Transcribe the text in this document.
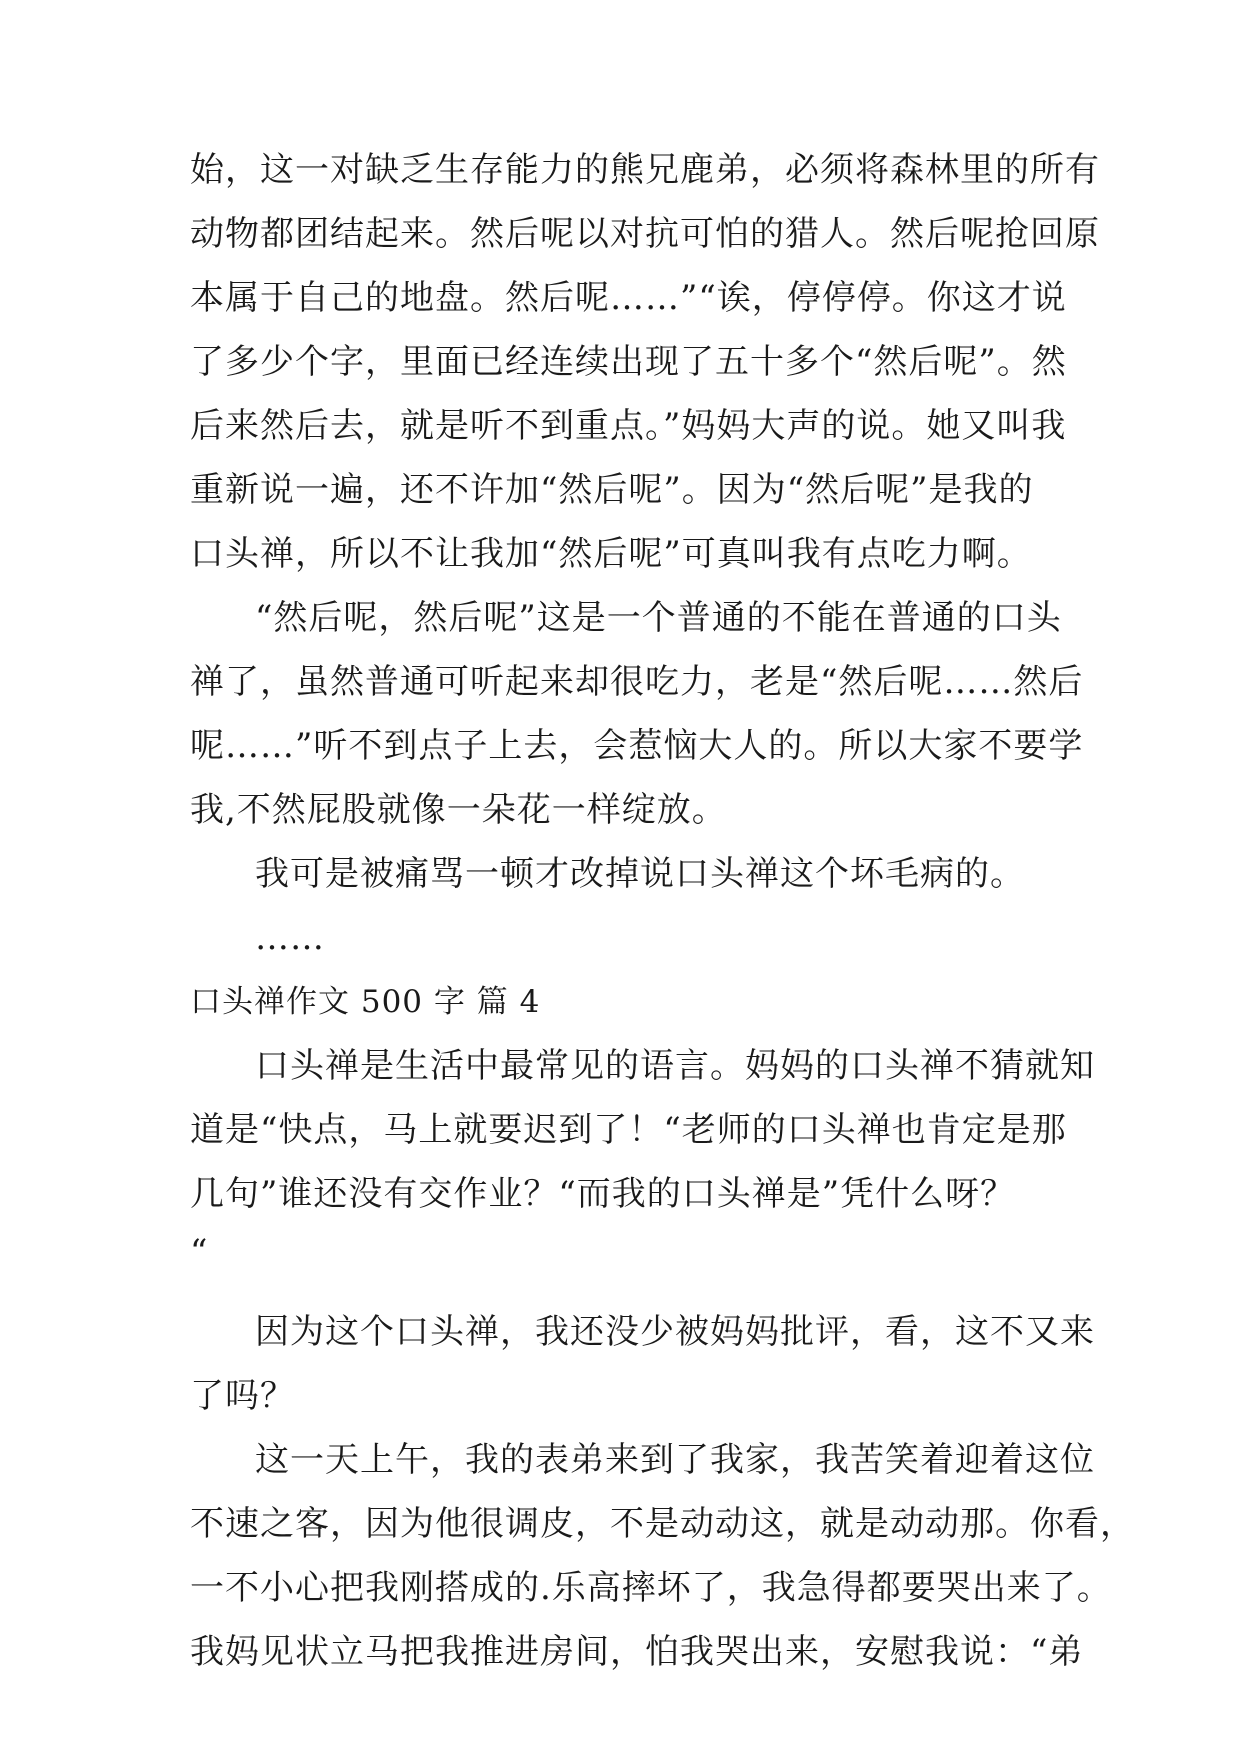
始，这一对缺乏生存能力的熊兄鹿弟，必须将森林里的所有

动物都团结起来。然后呢以对抗可怕的猎人。然后呢抢回原

本属于自己的地盘。然后呢……”“诶，停停停。你这才说

了多少个字，里面已经连续出现了五十多个“然后呢”。然

后来然后去，就是听不到重点。”妈妈大声的说。她又叫我

重新说一遍，还不许加“然后呢”。因为“然后呢”是我的

口头禅，所以不让我加“然后呢”可真叫我有点吃力啊。

“然后呢，然后呢”这是一个普通的不能在普通的口头

禅了，虽然普通可听起来却很吃力，老是“然后呢……然后

呢……”听不到点子上去，会惹恼大人的。所以大家不要学

我,不然屁股就像一朵花一样绽放。

我可是被痛骂一顿才改掉说口头禅这个坏毛病的。

……

口头禅作文 500 字 篇 4

口头禅是生活中最常见的语言。妈妈的口头禅不猜就知

道是“快点，马上就要迟到了！“老师的口头禅也肯定是那

几句”谁还没有交作业？“而我的口头禅是”凭什么呀？

“

因为这个口头禅，我还没少被妈妈批评，看，这不又来

了吗？

这一天上午，我的表弟来到了我家，我苦笑着迎着这位

不速之客，因为他很调皮，不是动动这，就是动动那。你看，

一不小心把我刚搭成的.乐高摔坏了，我急得都要哭出来了。

我妈见状立马把我推进房间，怕我哭出来，安慰我说：“弟
